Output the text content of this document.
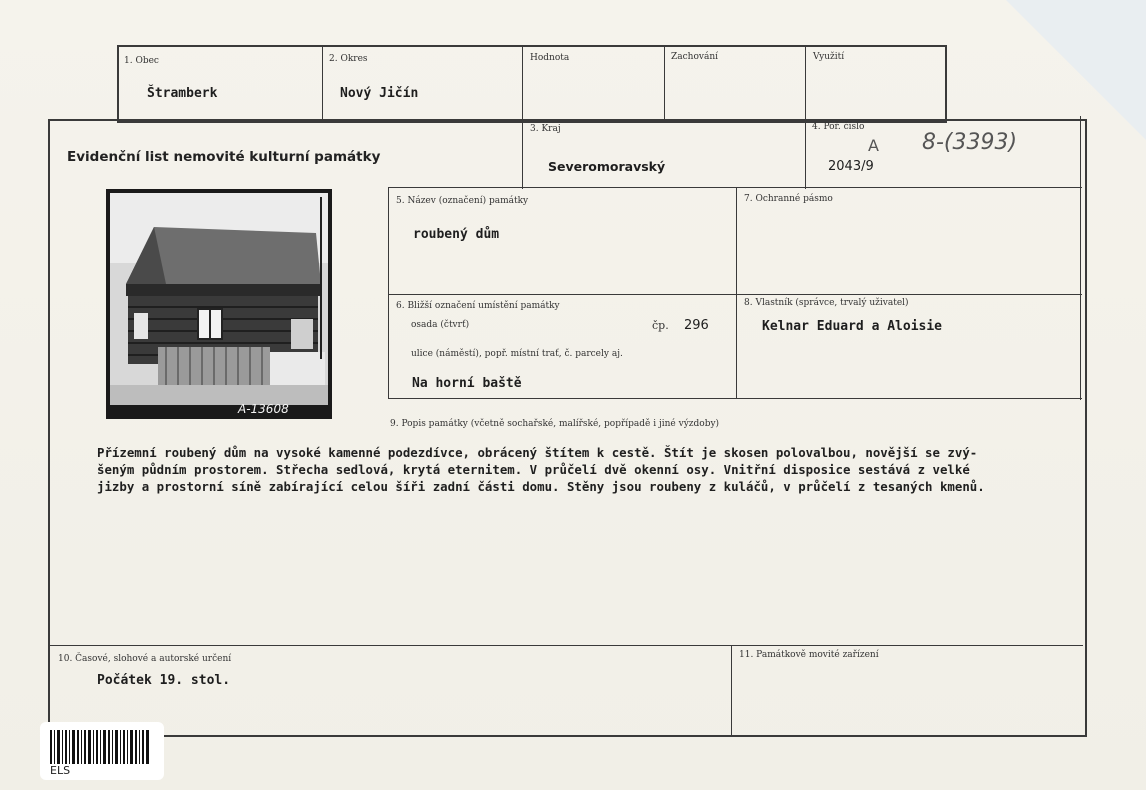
1. Obec
Štramberk
2. Okres
Nový Jičín
Hodnota	Zachování	Využití
Evidenční list nemovité kulturní památky
3. Kraj
Severomoravský
4. Poř. číslo
2043/9
A 8-(3393)
5. Název (označení) památky
roubený dům
7. Ochranné pásmo
6. Bližší označení umístění památky
osada (čtvrť)	čp. 296
ulice (náměstí), popř. místní trať, č. parcely aj.
Na horní baště
8. Vlastník (správce, trvalý uživatel)
Kelnar Eduard a Aloisie
A-13608
9. Popis památky (včetně sochařské, malířské, popřípadě i jiné výzdoby)
Přízemní roubený dům na vysoké kamenné podezdívce, obrácený štítem k cestě. Štít je skosen polovalbou, novější se zvý-
šeným půdním prostorem. Střecha sedlová, krytá eternitem. V průčelí dvě okenní osy. Vnitřní disposice sestává z velké
jizby a prostorní síně zabírající celou šíři zadní části domu. Stěny jsou roubeny z kuláčů, v průčelí z tesaných kmenů.
10. Časové, slohové a autorské určení
Počátek 19. stol.
11. Památkově movité zařízení
ELS
